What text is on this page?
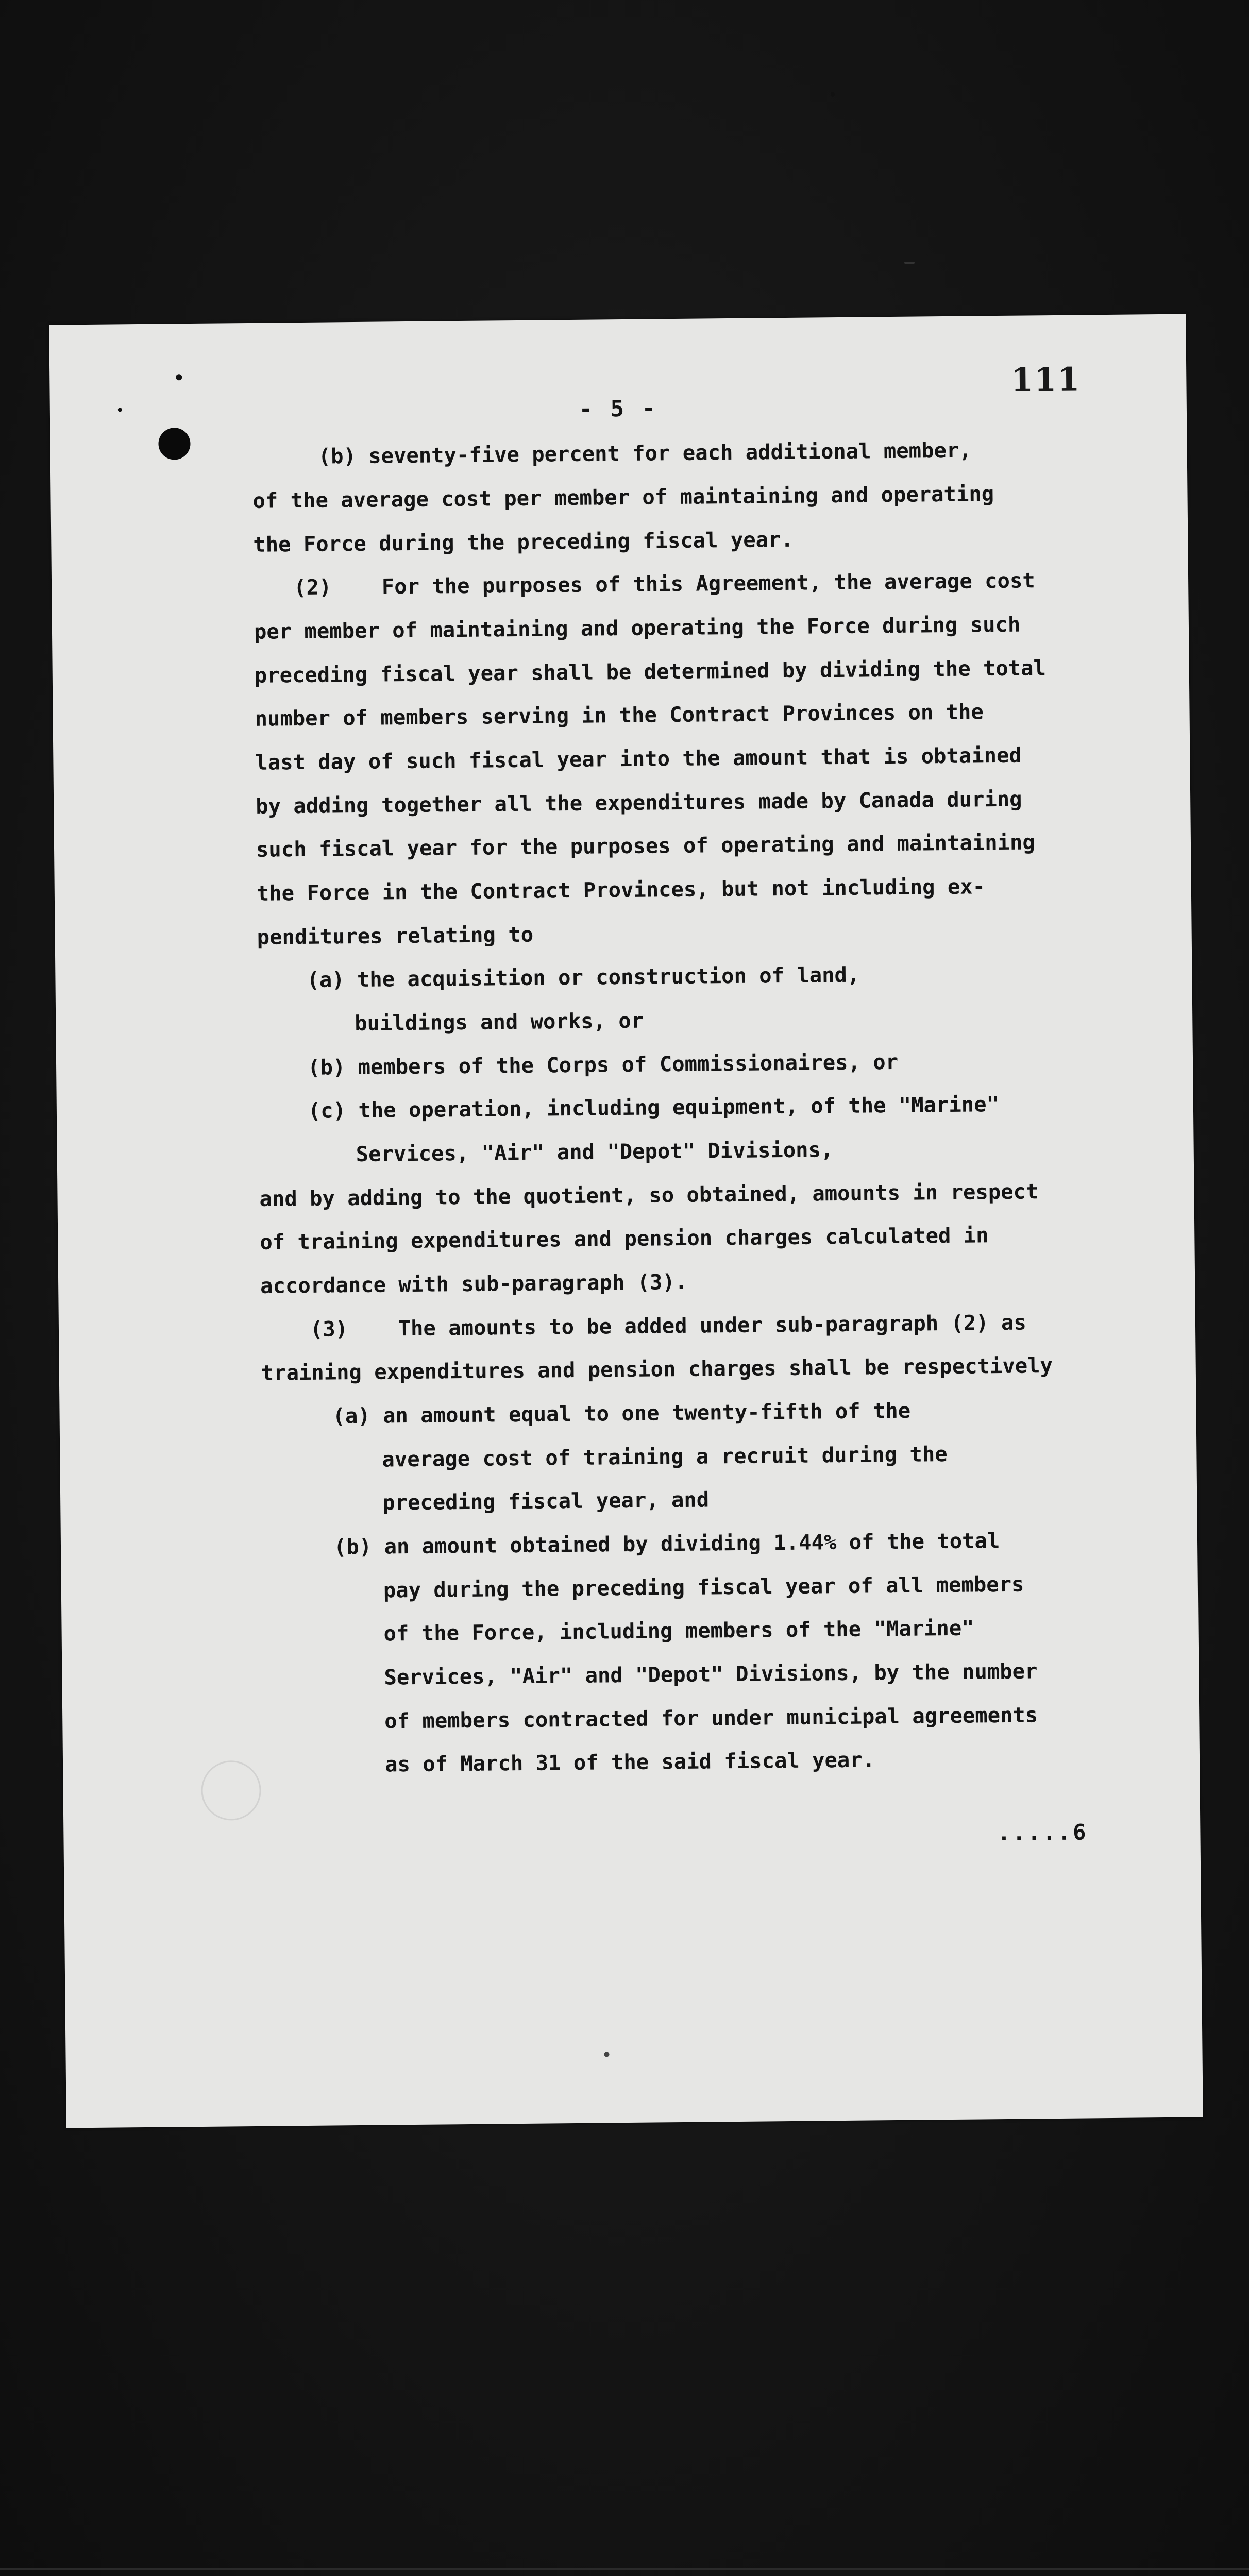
111
- 5 -
(b) seventy-five percent for each additional member,
of the average cost per member of maintaining and operating
the Force during the preceding fiscal year.
(2)    For the purposes of this Agreement, the average cost
per member of maintaining and operating the Force during such
preceding fiscal year shall be determined by dividing the total
number of members serving in the Contract Provinces on the
last day of such fiscal year into the amount that is obtained
by adding together all the expenditures made by Canada during
such fiscal year for the purposes of operating and maintaining
the Force in the Contract Provinces, but not including ex-
penditures relating to
(a) the acquisition or construction of land,
buildings and works, or
(b) members of the Corps of Commissionaires, or
(c) the operation, including equipment, of the "Marine"
Services, "Air" and "Depot" Divisions,
and by adding to the quotient, so obtained, amounts in respect
of training expenditures and pension charges calculated in
accordance with sub-paragraph (3).
(3)    The amounts to be added under sub-paragraph (2) as
training expenditures and pension charges shall be respectively
(a) an amount equal to one twenty-fifth of the
average cost of training a recruit during the
preceding fiscal year, and
(b) an amount obtained by dividing 1.44% of the total
pay during the preceding fiscal year of all members
of the Force, including members of the "Marine"
Services, "Air" and "Depot" Divisions, by the number
of members contracted for under municipal agreements
as of March 31 of the said fiscal year.
.....6
